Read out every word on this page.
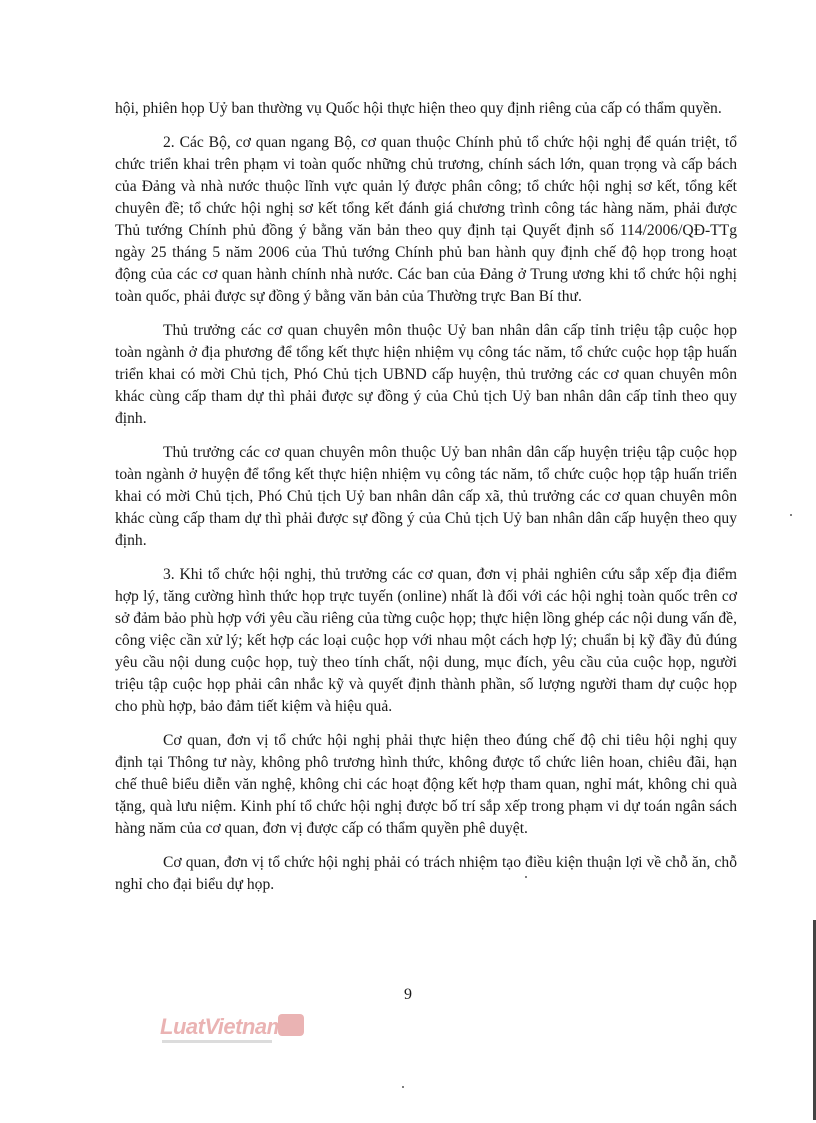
hội, phiên họp Uỷ ban thường vụ Quốc hội thực hiện theo quy định riêng của cấp có thẩm quyền.

2. Các Bộ, cơ quan ngang Bộ, cơ quan thuộc Chính phủ tổ chức hội nghị để quán triệt, tổ chức triển khai trên phạm vi toàn quốc những chủ trương, chính sách lớn, quan trọng và cấp bách của Đảng và nhà nước thuộc lĩnh vực quản lý được phân công; tổ chức hội nghị sơ kết, tổng kết chuyên đề; tổ chức hội nghị sơ kết tổng kết đánh giá chương trình công tác hàng năm, phải được Thủ tướng Chính phủ đồng ý bằng văn bản theo quy định tại Quyết định số 114/2006/QĐ-TTg ngày 25 tháng 5 năm 2006 của Thủ tướng Chính phủ ban hành quy định chế độ họp trong hoạt động của các cơ quan hành chính nhà nước. Các ban của Đảng ở Trung ương khi tổ chức hội nghị toàn quốc, phải được sự đồng ý bằng văn bản của Thường trực Ban Bí thư.

Thủ trưởng các cơ quan chuyên môn thuộc Uỷ ban nhân dân cấp tỉnh triệu tập cuộc họp toàn ngành ở địa phương để tổng kết thực hiện nhiệm vụ công tác năm, tổ chức cuộc họp tập huấn triển khai có mời Chủ tịch, Phó Chủ tịch UBND cấp huyện, thủ trưởng các cơ quan chuyên môn khác cùng cấp tham dự thì phải được sự đồng ý của Chủ tịch Uỷ ban nhân dân cấp tỉnh theo quy định.

Thủ trưởng các cơ quan chuyên môn thuộc Uỷ ban nhân dân cấp huyện triệu tập cuộc họp toàn ngành ở huyện để tổng kết thực hiện nhiệm vụ công tác năm, tổ chức cuộc họp tập huấn triển khai có mời Chủ tịch, Phó Chủ tịch Uỷ ban nhân dân cấp xã, thủ trưởng các cơ quan chuyên môn khác cùng cấp tham dự thì phải được sự đồng ý của Chủ tịch Uỷ ban nhân dân cấp huyện theo quy định.

3. Khi tổ chức hội nghị, thủ trưởng các cơ quan, đơn vị phải nghiên cứu sắp xếp địa điểm hợp lý, tăng cường hình thức họp trực tuyến (online) nhất là đối với các hội nghị toàn quốc trên cơ sở đảm bảo phù hợp với yêu cầu riêng của từng cuộc họp; thực hiện lồng ghép các nội dung vấn đề, công việc cần xử lý; kết hợp các loại cuộc họp với nhau một cách hợp lý; chuẩn bị kỹ đầy đủ đúng yêu cầu nội dung cuộc họp, tuỳ theo tính chất, nội dung, mục đích, yêu cầu của cuộc họp, người triệu tập cuộc họp phải cân nhắc kỹ và quyết định thành phần, số lượng người tham dự cuộc họp cho phù hợp, bảo đảm tiết kiệm và hiệu quả.

Cơ quan, đơn vị tổ chức hội nghị phải thực hiện theo đúng chế độ chi tiêu hội nghị quy định tại Thông tư này, không phô trương hình thức, không được tổ chức liên hoan, chiêu đãi, hạn chế thuê biểu diễn văn nghệ, không chi các hoạt động kết hợp tham quan, nghỉ mát, không chi quà tặng, quà lưu niệm. Kinh phí tổ chức hội nghị được bố trí sắp xếp trong phạm vi dự toán ngân sách hàng năm của cơ quan, đơn vị được cấp có thẩm quyền phê duyệt.

Cơ quan, đơn vị tổ chức hội nghị phải có trách nhiệm tạo điều kiện thuận lợi về chỗ ăn, chỗ nghỉ cho đại biểu dự họp.

9
LuatVietnam
